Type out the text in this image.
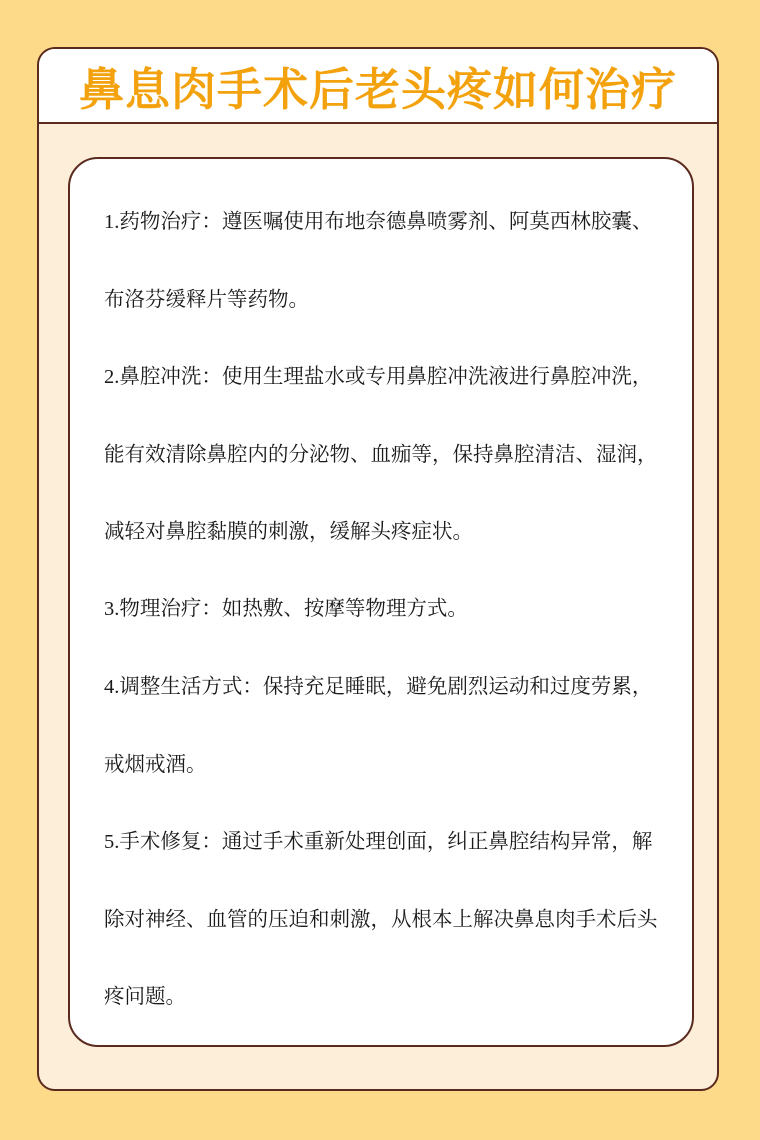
鼻息肉手术后老头疼如何治疗

1.药物治疗：遵医嘱使用布地奈德鼻喷雾剂、阿莫西林胶囊、布洛芬缓释片等药物。

2.鼻腔冲洗：使用生理盐水或专用鼻腔冲洗液进行鼻腔冲洗，能有效清除鼻腔内的分泌物、血痂等，保持鼻腔清洁、湿润，减轻对鼻腔黏膜的刺激，缓解头疼症状。

3.物理治疗：如热敷、按摩等物理方式。

4.调整生活方式：保持充足睡眠，避免剧烈运动和过度劳累，戒烟戒酒。

5.手术修复：通过手术重新处理创面，纠正鼻腔结构异常，解除对神经、血管的压迫和刺激，从根本上解决鼻息肉手术后头疼问题。
